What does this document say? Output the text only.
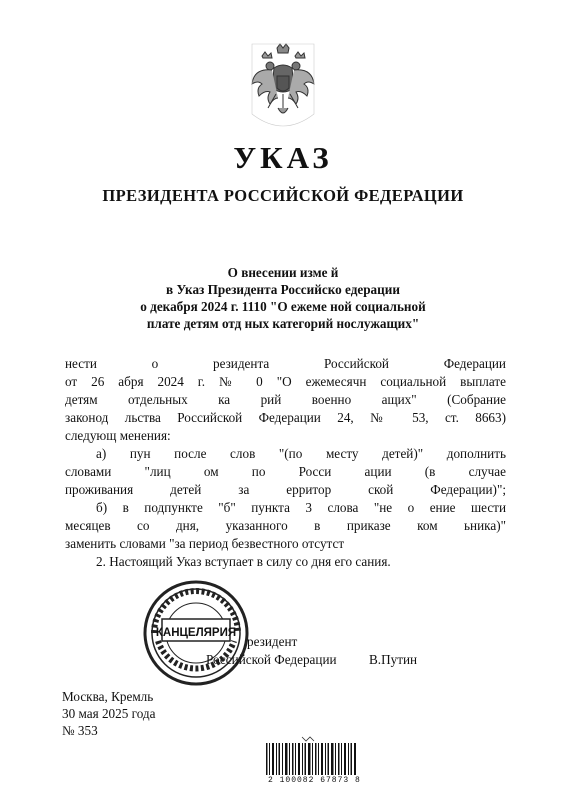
УКАЗ
ПРЕЗИДЕНТА РОССИЙСКОЙ ФЕДЕРАЦИИ
О внесении изме й
в Указ Президента Российско едерации
о декабря 2024 г. 1110 "О ежеме ной социальной
плате детям отд ных категорий нослужащих"
нести о резидента Российской Федерации
от 26 абря 2024 г. № 0 "О ежемесячн социальной выплате
детям отдельных ка рий военно ащих" (Собрание
законод льства Российской Федерации 24, № 53, ст. 8663)
следующ менения:
а) пун после слов "(по месту детей)" дополнить
словами "лиц ом по Росси ации (в случае
проживания детей за ерритор ской Федерации)";
б) в подпункте "б" пункта 3 слова "не о ение шести
месяцев со дня, указанного в приказе ком ьника)"
заменить словами "за период безвестного отсутст
2. Настоящий Указ вступает в силу со дня его сания.
КАНЦЕЛЯРИЯ
резидент
Российской Федерации В.Путин
Москва, Кремль
30 мая 2025 года
№ 353
2 100082 67873 8
